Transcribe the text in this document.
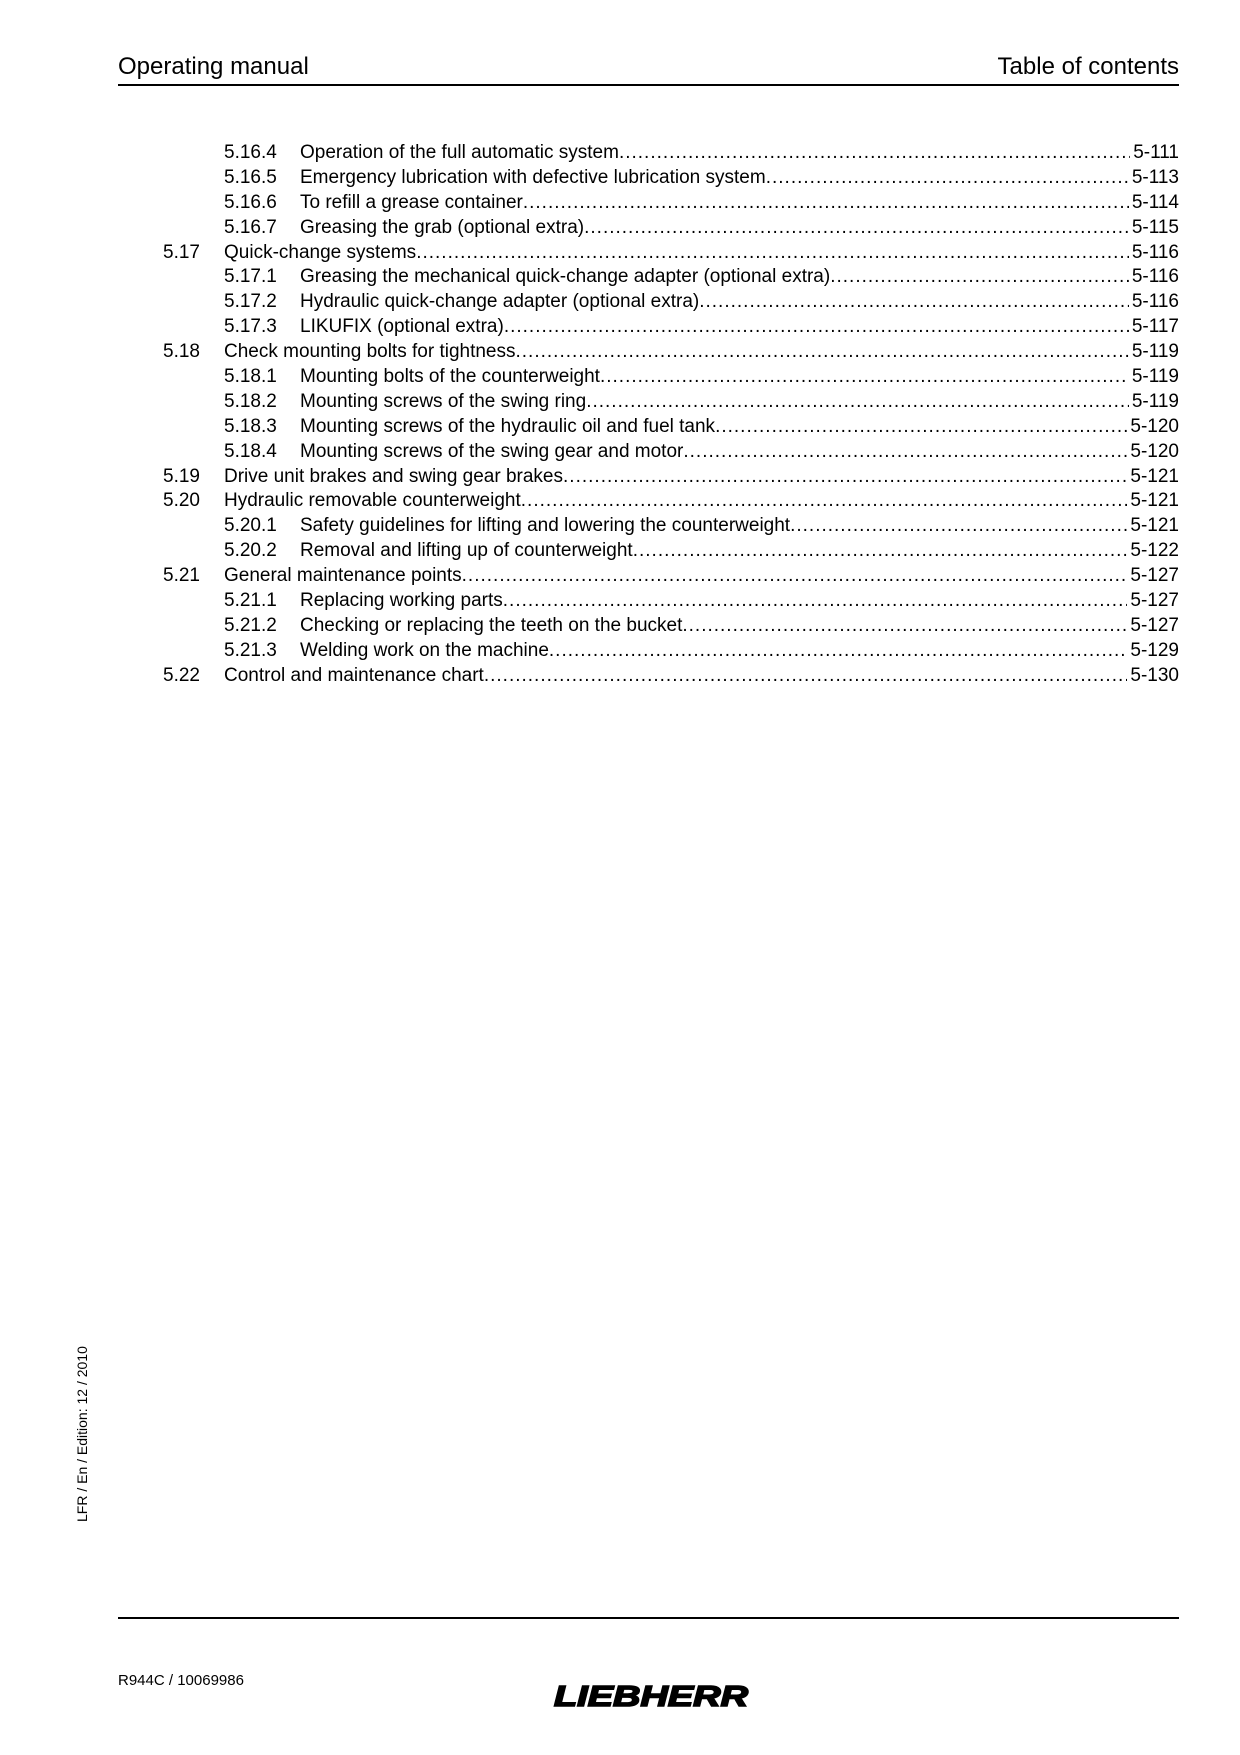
Operating manual	Table of contents
5.16.4 Operation of the full automatic system .....	5-111
5.16.5 Emergency lubrication with defective lubrication system .....	5-113
5.16.6 To refill a grease container .....	5-114
5.16.7 Greasing the grab (optional extra) .....	5-115
5.17 Quick-change systems .....	5-116
5.17.1 Greasing the mechanical quick-change adapter (optional extra) .....	5-116
5.17.2 Hydraulic quick-change adapter (optional extra) .....	5-116
5.17.3 LIKUFIX (optional extra) .....	5-117
5.18 Check mounting bolts for tightness .....	5-119
5.18.1 Mounting bolts of the counterweight .....	5-119
5.18.2 Mounting screws of the swing ring .....	5-119
5.18.3 Mounting screws of the hydraulic oil and fuel tank .....	5-120
5.18.4 Mounting screws of the swing gear and motor .....	5-120
5.19 Drive unit brakes and swing gear brakes .....	5-121
5.20 Hydraulic removable counterweight .....	5-121
5.20.1 Safety guidelines for lifting and lowering the counterweight .....	5-121
5.20.2 Removal and lifting up of counterweight .....	5-122
5.21 General maintenance points .....	5-127
5.21.1 Replacing working parts .....	5-127
5.21.2 Checking or replacing the teeth on the bucket .....	5-127
5.21.3 Welding work on the machine .....	5-129
5.22 Control and maintenance chart .....	5-130
LFR / En / Edition: 12 / 2010
R944C / 10069986
LIEBHERR
